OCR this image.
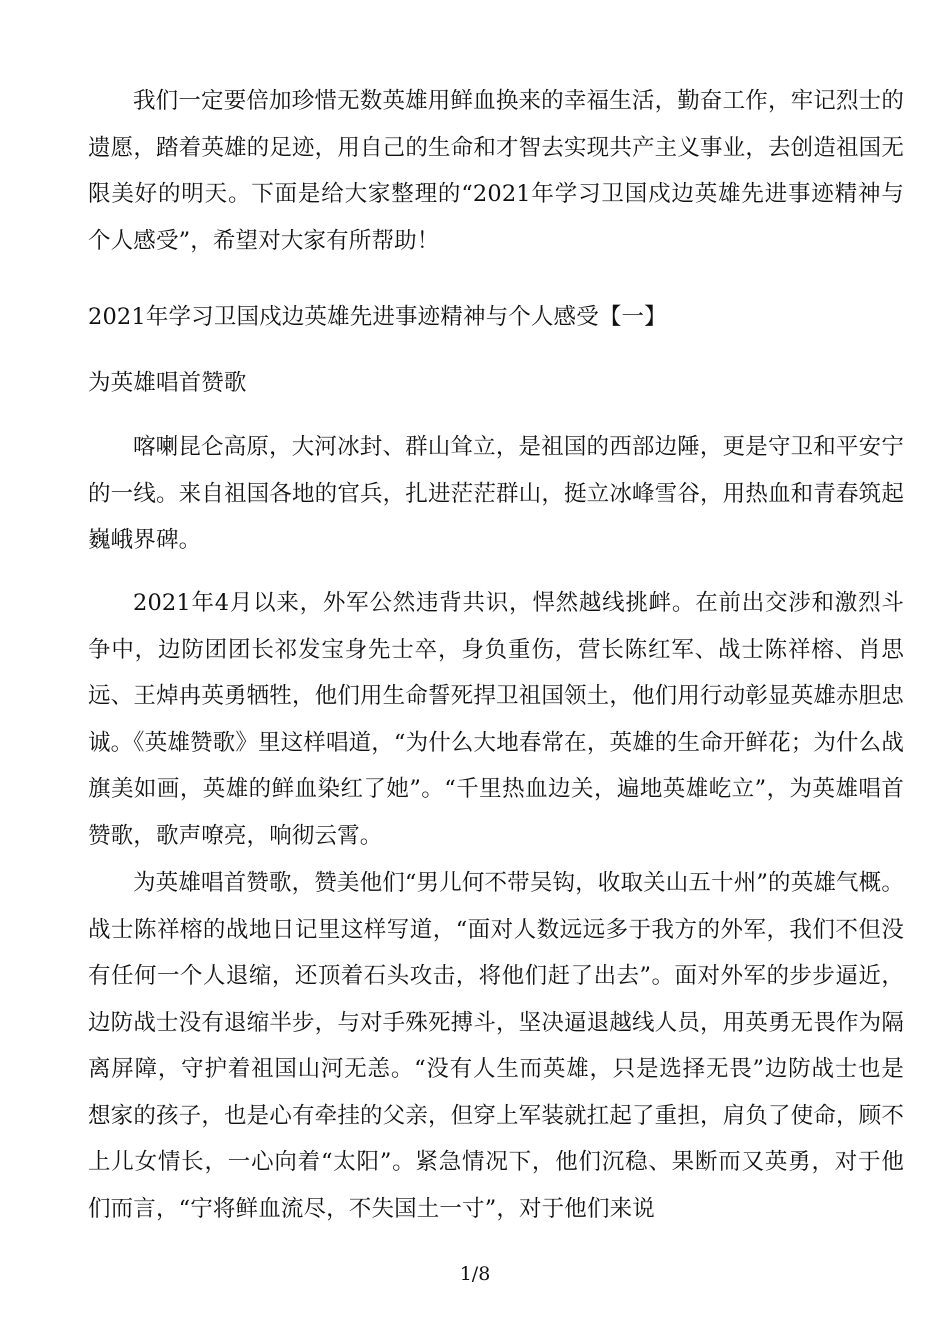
我们一定要倍加珍惜无数英雄用鲜血换来的幸福生活，勤奋工作，牢记烈士的遗愿，踏着英雄的足迹，用自己的生命和才智去实现共产主义事业，去创造祖国无限美好的明天。下面是给大家整理的“2021年学习卫国戍边英雄先进事迹精神与个人感受”，希望对大家有所帮助！

2021年学习卫国戍边英雄先进事迹精神与个人感受【一】

为英雄唱首赞歌

喀喇昆仑高原，大河冰封、群山耸立，是祖国的西部边陲，更是守卫和平安宁的一线。来自祖国各地的官兵，扎进茫茫群山，挺立冰峰雪谷，用热血和青春筑起巍峨界碑。

2021年4月以来，外军公然违背共识，悍然越线挑衅。在前出交涉和激烈斗争中，边防团团长祁发宝身先士卒，身负重伤，营长陈红军、战士陈祥榕、肖思远、王焯冉英勇牺牲，他们用生命誓死捍卫祖国领土，他们用行动彰显英雄赤胆忠诚。《英雄赞歌》里这样唱道，“为什么大地春常在，英雄的生命开鲜花；为什么战旗美如画，英雄的鲜血染红了她”。“千里热血边关，遍地英雄屹立”，为英雄唱首赞歌，歌声嘹亮，响彻云霄。

为英雄唱首赞歌，赞美他们“男儿何不带吴钩，收取关山五十州”的英雄气概。战士陈祥榕的战地日记里这样写道，“面对人数远远多于我方的外军，我们不但没有任何一个人退缩，还顶着石头攻击，将他们赶了出去”。面对外军的步步逼近，边防战士没有退缩半步，与对手殊死搏斗，坚决逼退越线人员，用英勇无畏作为隔离屏障，守护着祖国山河无恙。“没有人生而英雄，只是选择无畏”边防战士也是想家的孩子，也是心有牵挂的父亲，但穿上军装就扛起了重担，肩负了使命，顾不上儿女情长，一心向着“太阳”。紧急情况下，他们沉稳、果断而又英勇，对于他们而言，“宁将鲜血流尽，不失国土一寸”，对于他们来说

1/8
